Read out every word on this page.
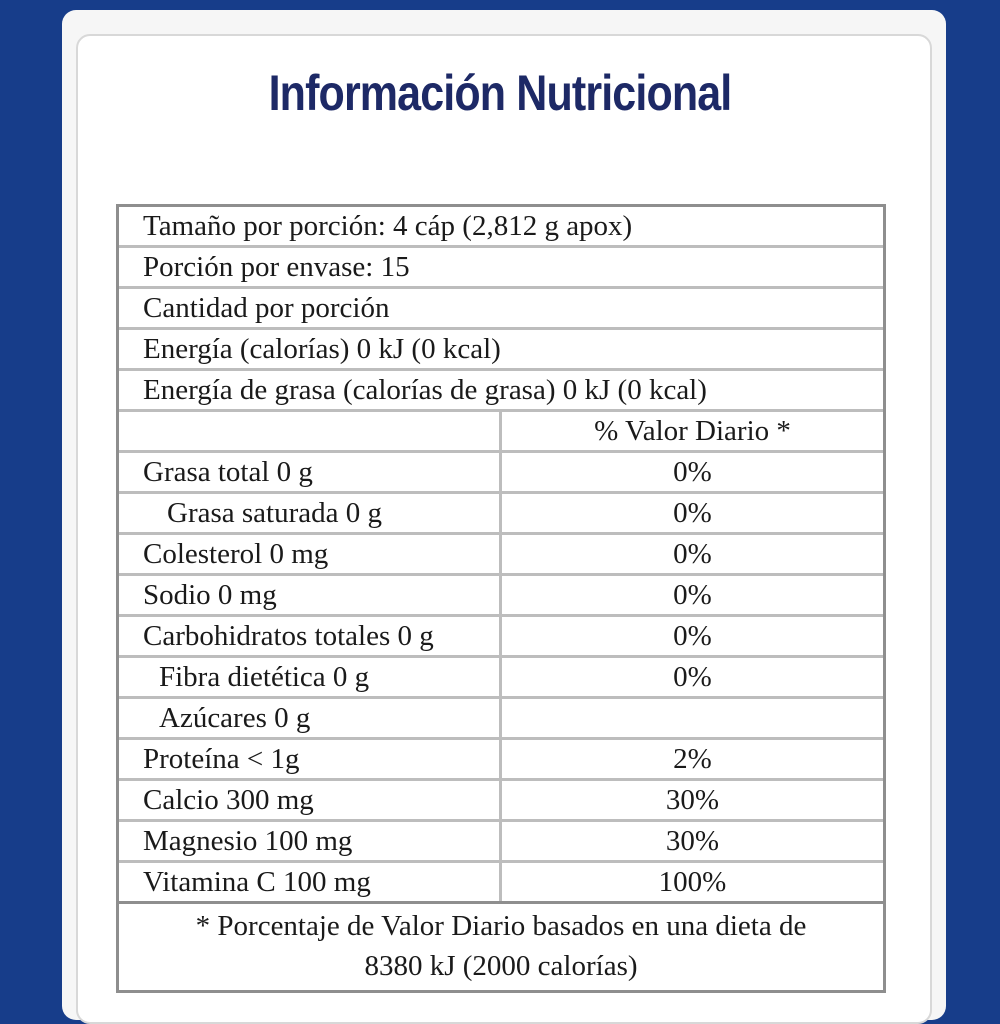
Información Nutricional
Tamaño por porción: 4 cáp (2,812 g apox)
Porción por envase: 15
Cantidad por porción
Energía (calorías) 0 kJ (0 kcal)
Energía de grasa (calorías de grasa) 0 kJ (0 kcal)
% Valor Diario *
Grasa total 0 g	0%
Grasa saturada 0 g	0%
Colesterol 0 mg	0%
Sodio 0 mg	0%
Carbohidratos totales 0 g	0%
Fibra dietética 0 g	0%
Azúcares 0 g
Proteína < 1g	2%
Calcio 300 mg	30%
Magnesio 100 mg	30%
Vitamina C 100 mg	100%
* Porcentaje de Valor Diario basados en una dieta de
8380 kJ (2000 calorías)
